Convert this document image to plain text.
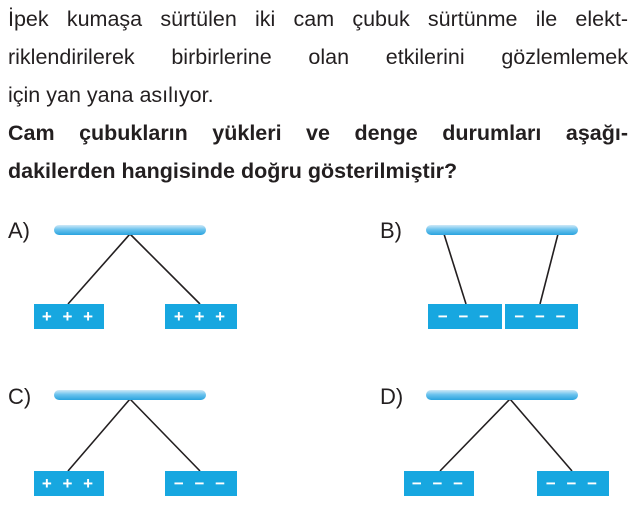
İpek kumaşa sürtülen iki cam çubuk sürtünme ile elekt-
riklendirilerek birbirlerine olan etkilerini gözlemlemek
için yan yana asılıyor.
Cam çubukların yükleri ve denge durumları aşağı-
dakilerden hangisinde doğru gösterilmiştir?
A)
+ + +	+ + +
B)
− − −	− − −
C)
+ + +	− − −
D)
− − −	− − −
